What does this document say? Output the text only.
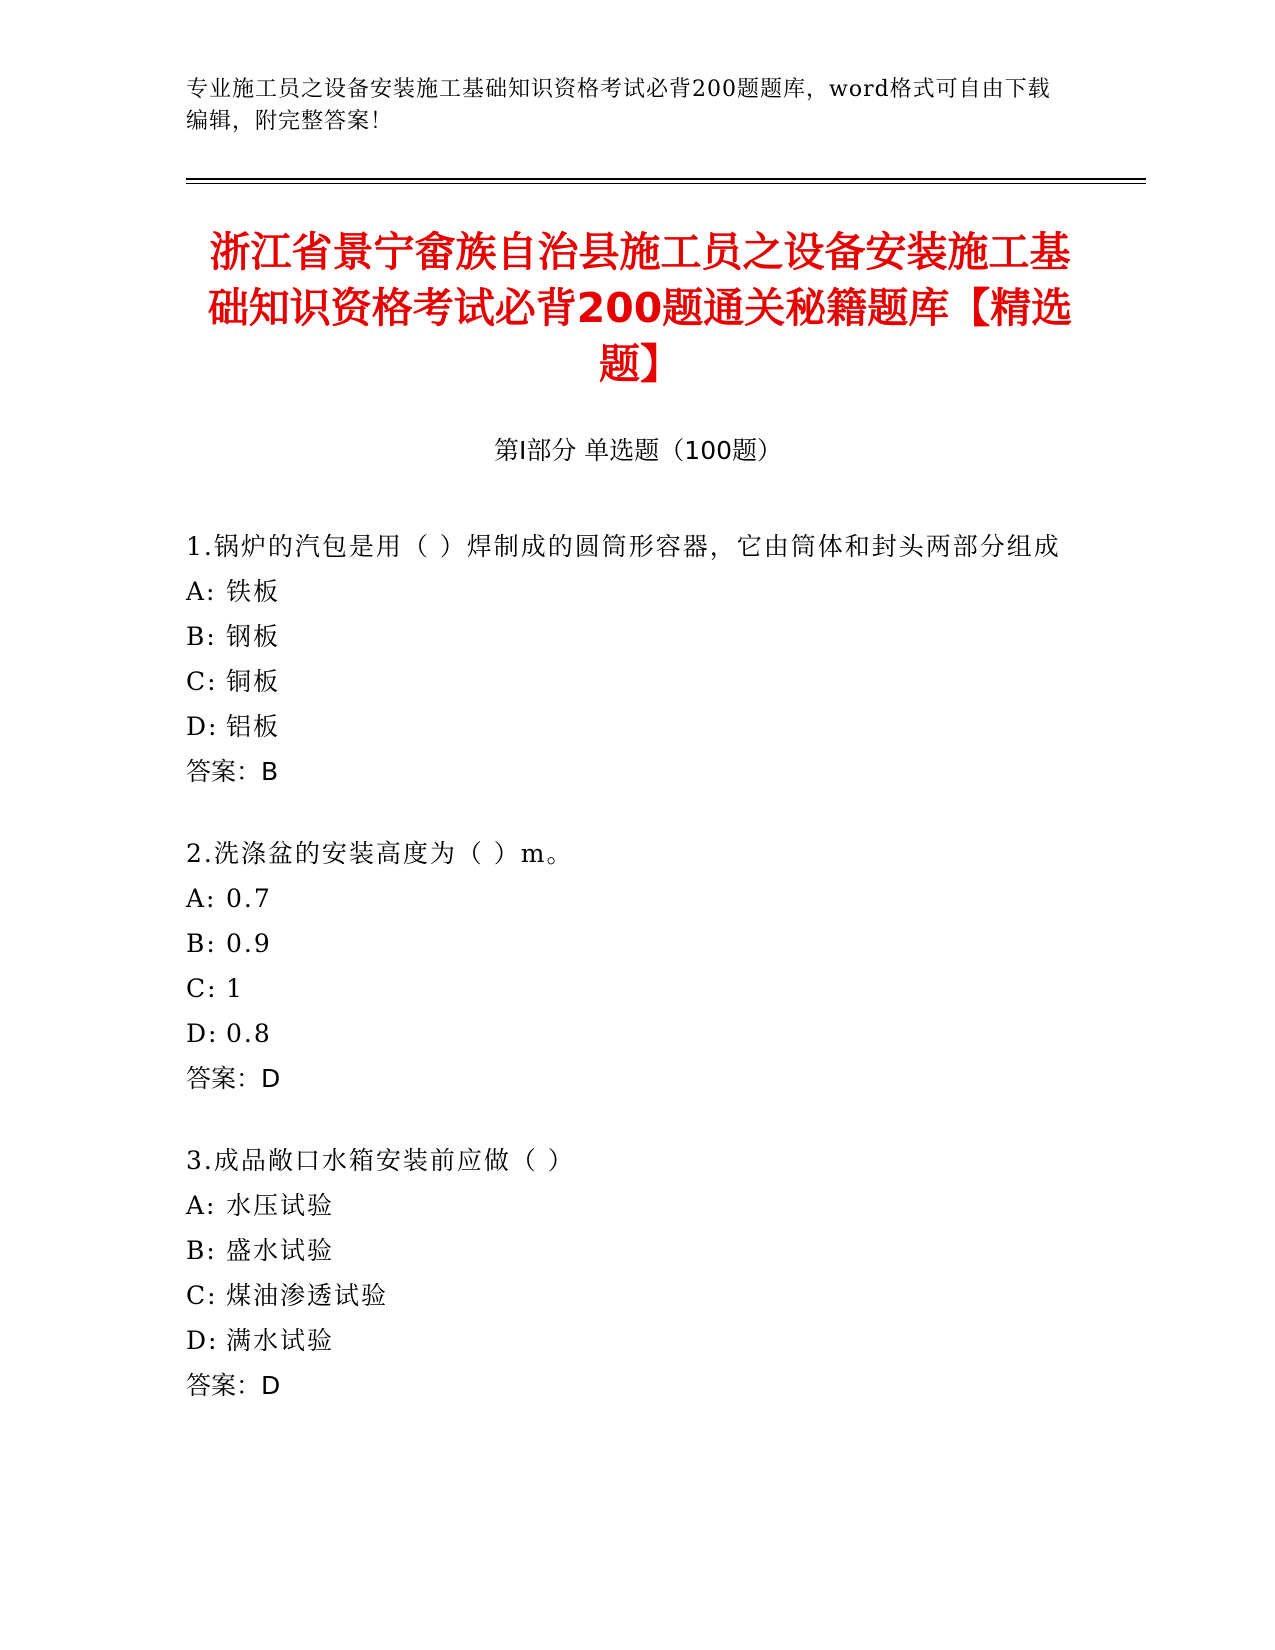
专业施工员之设备安装施工基础知识资格考试必背200题题库，word格式可自由下载编辑，附完整答案！
浙江省景宁畲族自治县施工员之设备安装施工基础知识资格考试必背200题通关秘籍题库【精选题】
第Ⅰ部分 单选题（100题）

1.锅炉的汽包是用（ ）焊制成的圆筒形容器，它由筒体和封头两部分组成

A: 铁板

B: 钢板

C: 铜板

D: 铝板

答案：B

2.洗涤盆的安装高度为（ ）m。

A: 0.7

B: 0.9

C: 1

D: 0.8

答案：D

3.成品敞口水箱安装前应做（ ）

A: 水压试验

B: 盛水试验

C: 煤油渗透试验

D: 满水试验

答案：D
